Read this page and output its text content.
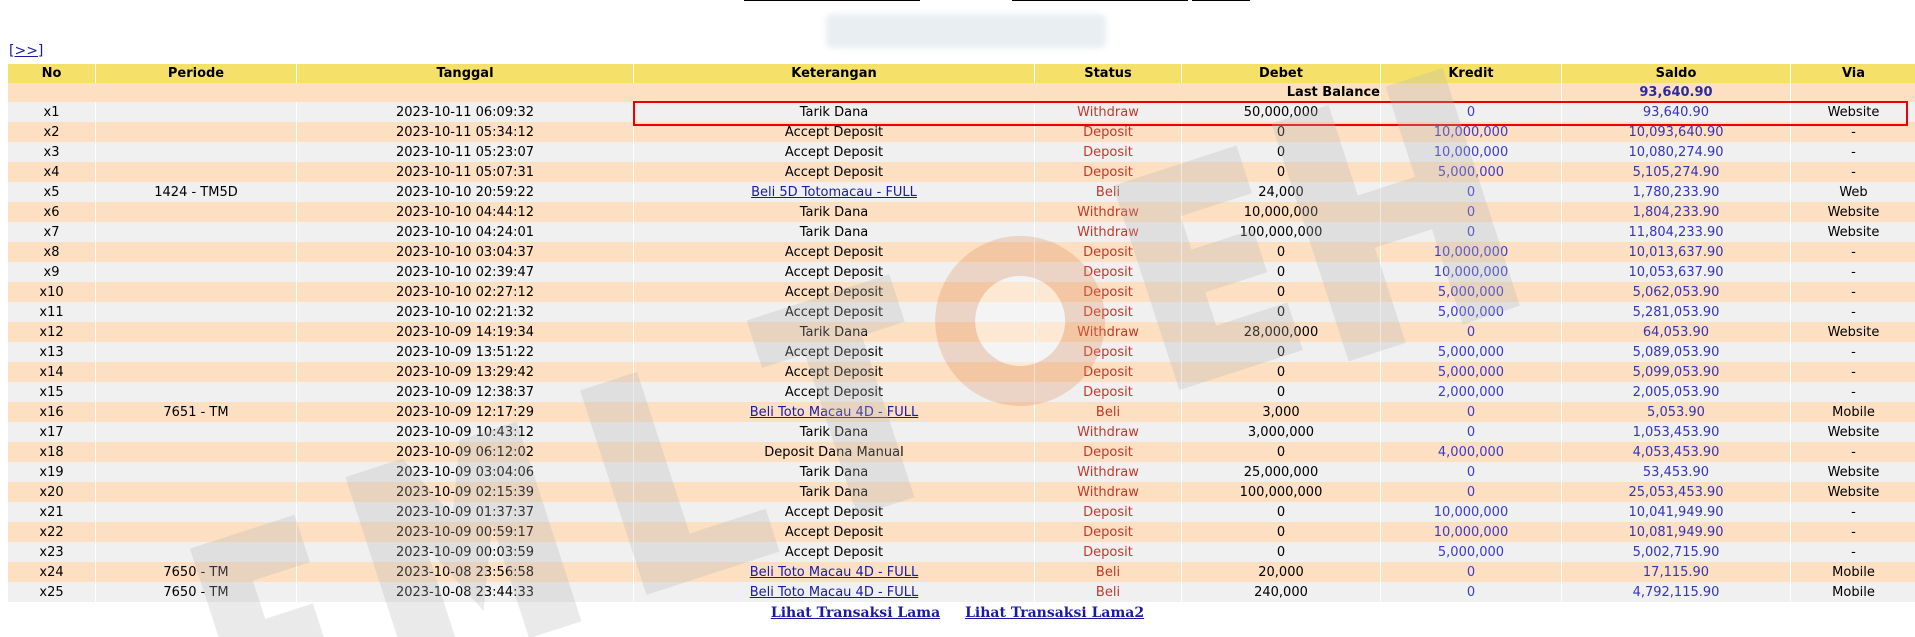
[>>]
No	Periode	Tanggal	Keterangan	Status	Debet	Kredit	Saldo	Via
Last Balance							93,640.90	
x1		2023-10-11 06:09:32	Tarik Dana	Withdraw	50,000,000	0	93,640.90	Website
x2		2023-10-11 05:34:12	Accept Deposit	Deposit	0	10,000,000	10,093,640.90	-
x3		2023-10-11 05:23:07	Accept Deposit	Deposit	0	10,000,000	10,080,274.90	-
x4		2023-10-11 05:07:31	Accept Deposit	Deposit	0	5,000,000	5,105,274.90	-
x5	1424 - TM5D	2023-10-10 20:59:22	Beli 5D Totomacau - FULL	Beli	24,000	0	1,780,233.90	Web
x6		2023-10-10 04:44:12	Tarik Dana	Withdraw	10,000,000	0	1,804,233.90	Website
x7		2023-10-10 04:24:01	Tarik Dana	Withdraw	100,000,000	0	11,804,233.90	Website
x8		2023-10-10 03:04:37	Accept Deposit	Deposit	0	10,000,000	10,013,637.90	-
x9		2023-10-10 02:39:47	Accept Deposit	Deposit	0	10,000,000	10,053,637.90	-
x10		2023-10-10 02:27:12	Accept Deposit	Deposit	0	5,000,000	5,062,053.90	-
x11		2023-10-10 02:21:32	Accept Deposit	Deposit	0	5,000,000	5,281,053.90	-
x12		2023-10-09 14:19:34	Tarik Dana	Withdraw	28,000,000	0	64,053.90	Website
x13		2023-10-09 13:51:22	Accept Deposit	Deposit	0	5,000,000	5,089,053.90	-
x14		2023-10-09 13:29:42	Accept Deposit	Deposit	0	5,000,000	5,099,053.90	-
x15		2023-10-09 12:38:37	Accept Deposit	Deposit	0	2,000,000	2,005,053.90	-
x16	7651 - TM	2023-10-09 12:17:29	Beli Toto Macau 4D - FULL	Beli	3,000	0	5,053.90	Mobile
x17		2023-10-09 10:43:12	Tarik Dana	Withdraw	3,000,000	0	1,053,453.90	Website
x18		2023-10-09 06:12:02	Deposit Dana Manual	Deposit	0	4,000,000	4,053,453.90	-
x19		2023-10-09 03:04:06	Tarik Dana	Withdraw	25,000,000	0	53,453.90	Website
x20		2023-10-09 02:15:39	Tarik Dana	Withdraw	100,000,000	0	25,053,453.90	Website
x21		2023-10-09 01:37:37	Accept Deposit	Deposit	0	10,000,000	10,041,949.90	-
x22		2023-10-09 00:59:17	Accept Deposit	Deposit	0	10,000,000	10,081,949.90	-
x23		2023-10-09 00:03:59	Accept Deposit	Deposit	0	5,000,000	5,002,715.90	-
x24	7650 - TM	2023-10-08 23:56:58	Beli Toto Macau 4D - FULL	Beli	20,000	0	17,115.90	Mobile
x25	7650 - TM	2023-10-08 23:44:33	Beli Toto Macau 4D - FULL	Beli	240,000	0	4,792,115.90	Mobile
Lihat Transaksi Lama Lihat Transaksi Lama2
